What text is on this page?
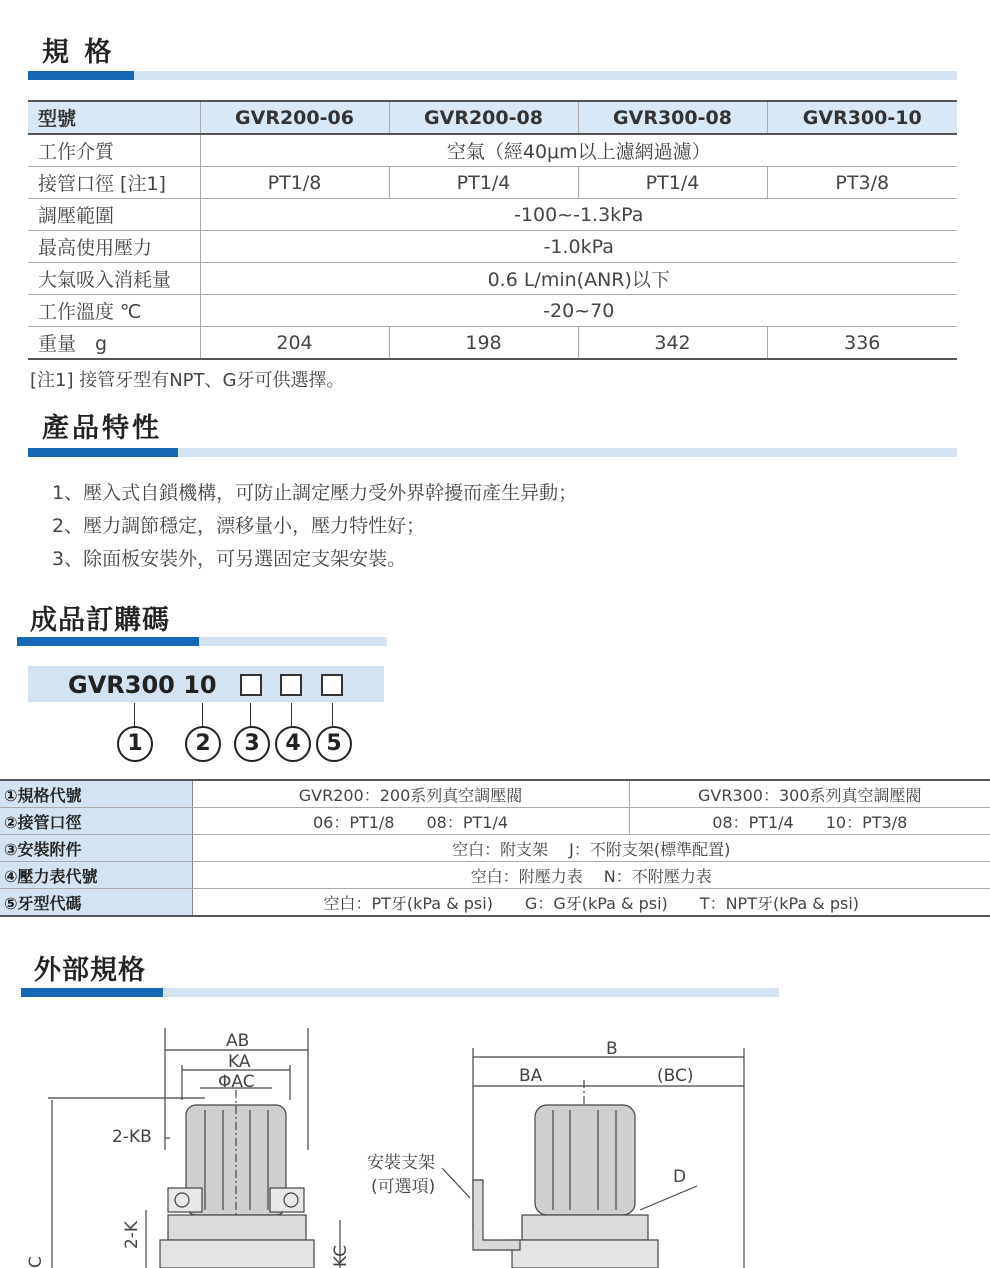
規 格
型號	GVR200-06	GVR200-08	GVR300-08	GVR300-10
工作介質	空氣（經40μm以上濾網過濾）			
接管口徑 [注1]	PT1/8	PT1/4	PT1/4	PT3/8
調壓範圍	-100~-1.3kPa			
最高使用壓力	-1.0kPa			
大氣吸入消耗量	0.6 L/min(ANR)以下			
工作溫度 ℃	-20~70			
重量　g	204	198	342	336
[注1] 接管牙型有NPT、G牙可供選擇。
產品特性
1、壓入式自鎖機構，可防止調定壓力受外界幹擾而產生异動；
2、壓力調節穩定，漂移量小，壓力特性好；
3、除面板安裝外，可另選固定支架安裝。
成品訂購碼
GVR300 10
1	2	3	4	5
①規格代號	GVR200：200系列真空調壓閥	GVR300：300系列真空調壓閥
②接管口徑	06：PT1/8　　08：PT1/4	08：PT1/4　　10：PT3/8
③安裝附件	空白：附支架　 J：不附支架(標準配置)	
④壓力表代號	空白：附壓力表　 N：不附壓力表	
⑤牙型代碼	空白：PT牙(kPa & psi)　　G：G牙(kPa & psi)　　T：NPT牙(kPa & psi)	
外部規格
AB
KA
ΦAC
2-KB
2-K
KC
C
B
BA	(BC)
D
安裝支架
(可選項)
